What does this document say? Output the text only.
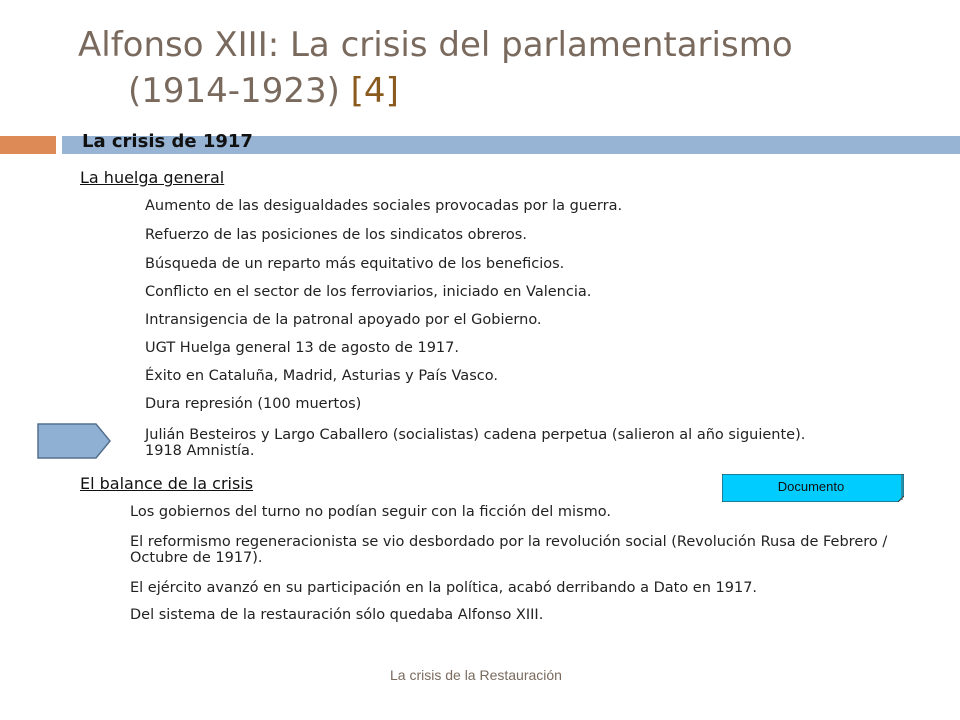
Alfonso XIII: La crisis del parlamentarismo
(1914-1923) [4]
La crisis de 1917
La huelga general
Aumento de las desigualdades sociales provocadas por la guerra.
Refuerzo de las posiciones de los sindicatos obreros.
Búsqueda de un reparto más equitativo de los beneficios.
Conflicto en el sector de los ferroviarios, iniciado en Valencia.
Intransigencia de la patronal apoyado por el Gobierno.
UGT Huelga general 13 de agosto de 1917.
Éxito en Cataluña, Madrid, Asturias y País Vasco.
Dura represión (100 muertos)
Julián Besteiros y Largo Caballero (socialistas) cadena perpetua (salieron al año siguiente). 1918 Amnistía.
El balance de la crisis	Documento
Los gobiernos del turno no podían seguir con la ficción del mismo.
El reformismo regeneracionista se vio desbordado por la revolución social (Revolución Rusa de Febrero / Octubre de 1917).
El ejército avanzó en su participación en la política, acabó derribando a Dato en 1917.
Del sistema de la restauración sólo quedaba Alfonso XIII.
La crisis de la Restauración
